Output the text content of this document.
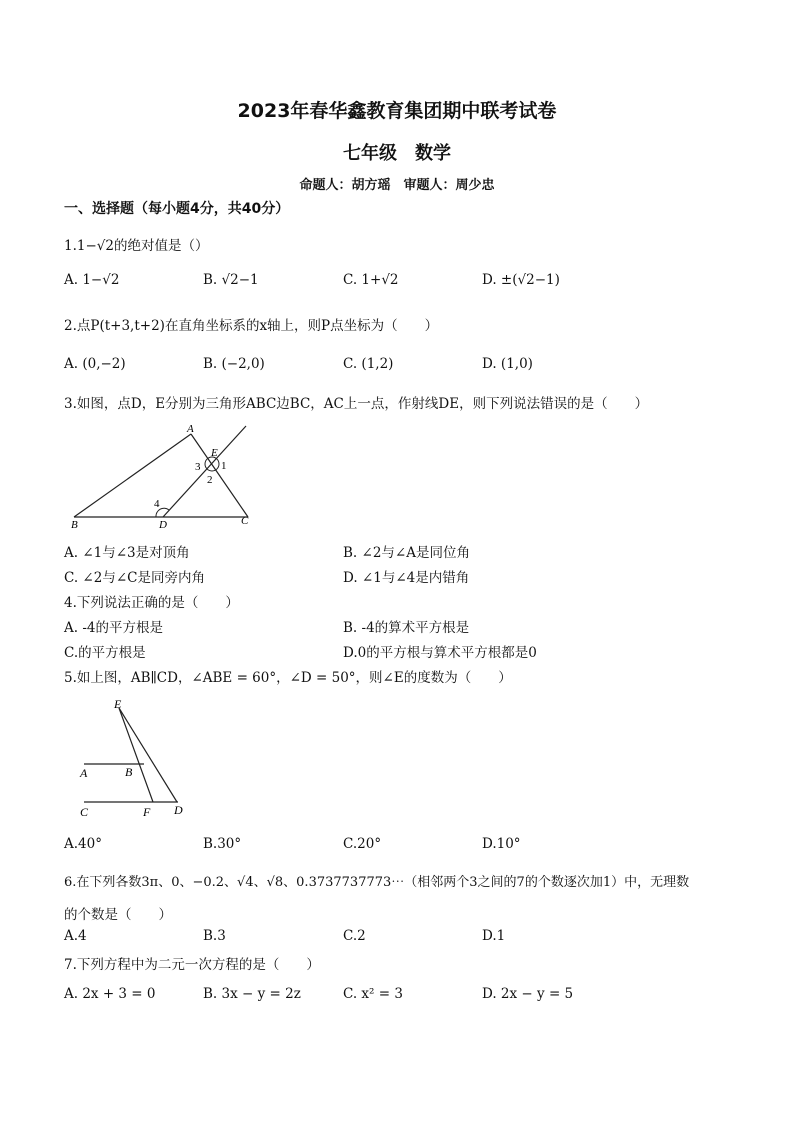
2023年春华鑫教育集团期中联考试卷
七年级　数学
命题人：胡方瑶　审题人：周少忠
一、选择题（每小题4分，共40分）
1.1−√2的绝对值是（）
A. 1−√2	B. √2−1	C. 1+√2	D. ±(√2−1)
2.点P(t+3,t+2)在直角坐标系的x轴上，则P点坐标为（　　）
A. (0,−2)	B. (−2,0)	C. (1,2)	D. (1,0)
3.如图，点D，E分别为三角形ABC边BC，AC上一点，作射线DE，则下列说法错误的是（　　）
A
E
3 1
2
4
B	D	C
A. ∠1与∠3是对顶角	B. ∠2与∠A是同位角
C. ∠2与∠C是同旁内角	D. ∠1与∠4是内错角
4.下列说法正确的是（　　）
A. -4的平方根是	B. -4的算术平方根是
C.的平方根是	D.0的平方根与算术平方根都是0
5.如上图，AB∥CD，∠ABE = 60°，∠D = 50°，则∠E的度数为（　　）
E
A	B
C	F D
A.40°	B.30°	C.20°	D.10°
6.在下列各数3π、0、−0.2、√4、√8、0.3737737773⋯（相邻两个3之间的7的个数逐次加1）中，无理数
的个数是（　　）
A.4	B.3	C.2	D.1
7.下列方程中为二元一次方程的是（　　）
A. 2x + 3 = 0	B. 3x − y = 2z	C. x² = 3	D. 2x − y = 5
